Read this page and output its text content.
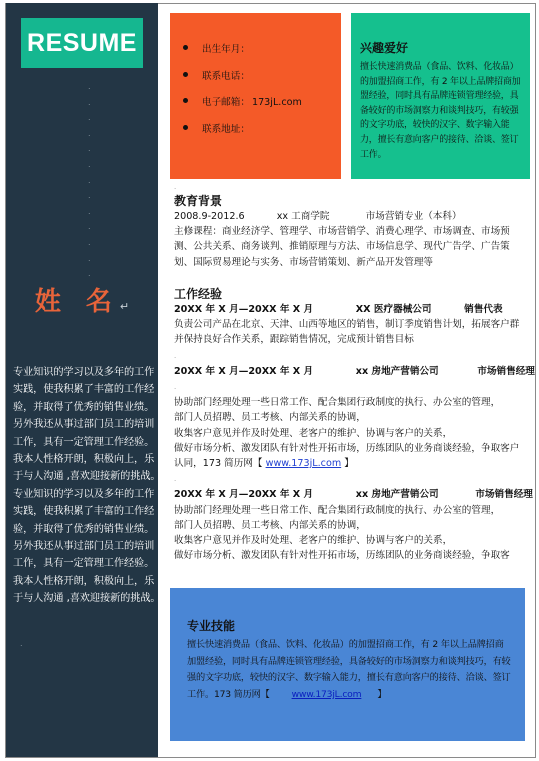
RESUME
.
.
.
.
.
.
.
.
.
.
.
.
.
姓 名↵

专业知识的学习以及多年的工作实践，使我积累了丰富的工作经验，并取得了优秀的销售业绩。另外我还从事过部门员工的培训工作，具有一定管理工作经验。我本人性格开朗，积极向上，乐于与人沟通 ,喜欢迎接新的挑战。

专业知识的学习以及多年的工作实践，使我积累了丰富的工作经验，并取得了优秀的销售业绩。另外我还从事过部门员工的培训工作，具有一定管理工作经验。我本人性格开朗，积极向上，乐于与人沟通 ,喜欢迎接新的挑战。

.
出生年月：
联系电话：
电子邮箱： 173jL.com
联系地址：
兴趣爱好

擅长快速消费品（食品、饮料、化妆品）的加盟招商工作，有 2 年以上品牌招商加盟经验，同时具有品牌连锁管理经验，具备较好的市场洞察力和谈判技巧，有较强的文字功底，较快的汉字、数字输入能力，擅长有意向客户的接待、洽谈、签订工作。

.

教育背景

2008.9-2012.6	xx 工商学院	市场营销专业（本科）

主修课程：商业经济学、管理学、市场营销学、消费心理学、市场调查、市场预测、公共关系、商务谈判、推销原理与方法、市场信息学、现代广告学、广告策划、国际贸易理论与实务、市场营销策划、新产品开发管理等

工作经验

20XX 年 X 月—20XX 年 X 月	XX 医疗器械公司	销售代表

负责公司产品在北京、天津、山西等地区的销售，制订季度销售计划，拓展客户群并保持良好合作关系，跟踪销售情况，完成预计销售目标

.

20XX 年 X 月—20XX 年 X 月	xx 房地产营销公司	市场销售经理

.

协助部门经理处理一些日常工作、配合集团行政制度的执行、办公室的管理，

部门人员招聘、员工考核、内部关系的协调，

收集客户意见并作及时处理、老客户的维护、协调与客户的关系，

做好市场分析、激发团队有针对性开拓市场，历练团队的业务商谈经验，争取客户认同，173 简历网【 www.173jL.com 】

.

20XX 年 X 月—20XX 年 X 月	xx 房地产营销公司	市场销售经理

协助部门经理处理一些日常工作、配合集团行政制度的执行、办公室的管理，

部门人员招聘、员工考核、内部关系的协调，

收集客户意见并作及时处理、老客户的维护、协调与客户的关系，

做好市场分析、激发团队有针对性开拓市场，历练团队的业务商谈经验，争取客

专业技能

擅长快速消费品（食品、饮料、化妆品）的加盟招商工作，有 2 年以上品牌招商加盟经验，同时具有品牌连锁管理经验，具备较好的市场洞察力和谈判技巧，有较强的文字功底，较快的汉字、数字输入能力，擅长有意向客户的接待、洽谈、签订工作。173 简历网【 www.173jL.com 】
